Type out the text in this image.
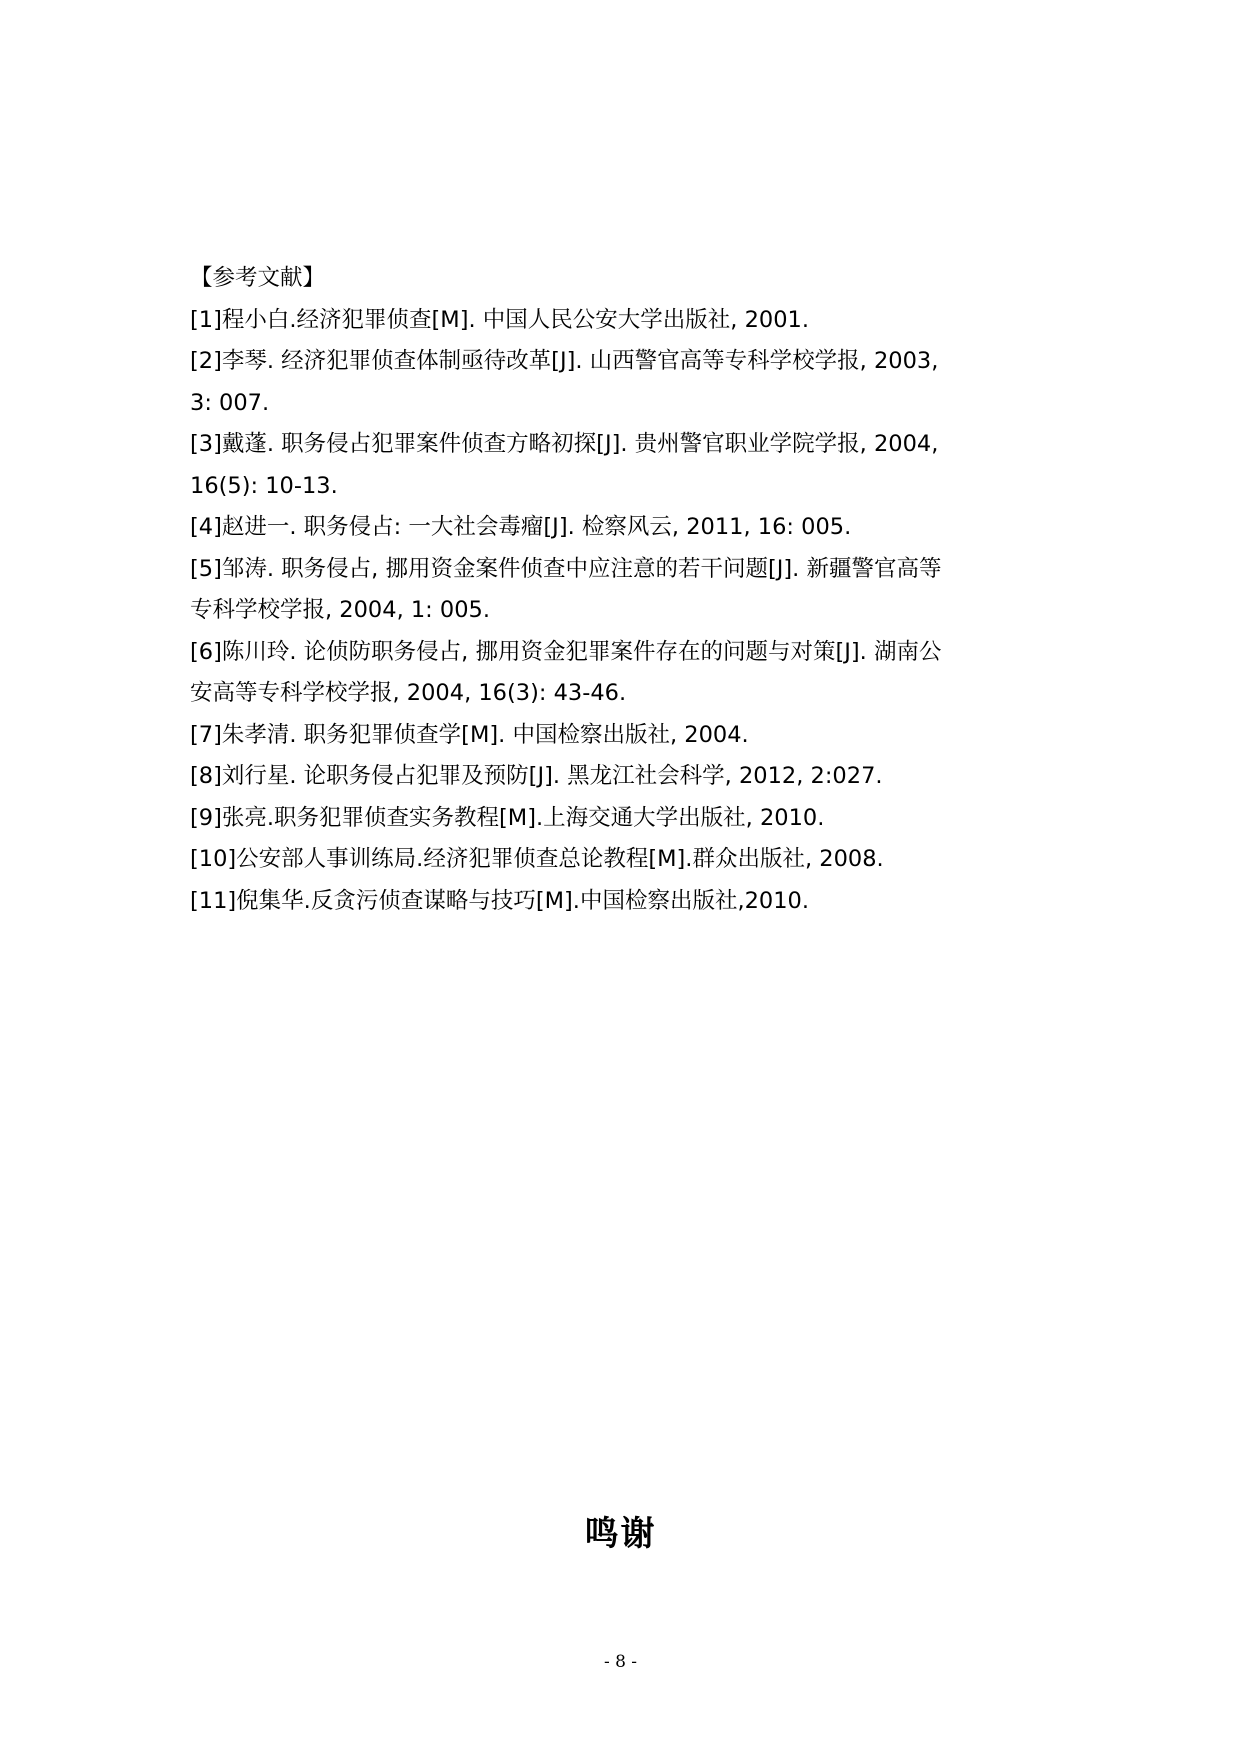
【参考文献】

[1]程小白.经济犯罪侦查[M]. 中国人民公安大学出版社, 2001.

[2]李琴. 经济犯罪侦查体制亟待改革[J]. 山西警官高等专科学校学报, 2003,

3: 007.

[3]戴蓬. 职务侵占犯罪案件侦查方略初探[J]. 贵州警官职业学院学报, 2004,

16(5): 10-13.

[4]赵进一. 职务侵占: 一大社会毒瘤[J]. 检察风云, 2011, 16: 005.

[5]邹涛. 职务侵占, 挪用资金案件侦查中应注意的若干问题[J]. 新疆警官高等

专科学校学报, 2004, 1: 005.

[6]陈川玲. 论侦防职务侵占, 挪用资金犯罪案件存在的问题与对策[J]. 湖南公

安高等专科学校学报, 2004, 16(3): 43-46.

[7]朱孝清. 职务犯罪侦查学[M]. 中国检察出版社, 2004.

[8]刘行星. 论职务侵占犯罪及预防[J]. 黑龙江社会科学, 2012, 2:027.

[9]张亮.职务犯罪侦查实务教程[M].上海交通大学出版社, 2010.

[10]公安部人事训练局.经济犯罪侦查总论教程[M].群众出版社, 2008.

[11]倪集华.反贪污侦查谋略与技巧[M].中国检察出版社,2010.

鸣谢
- 8 -
